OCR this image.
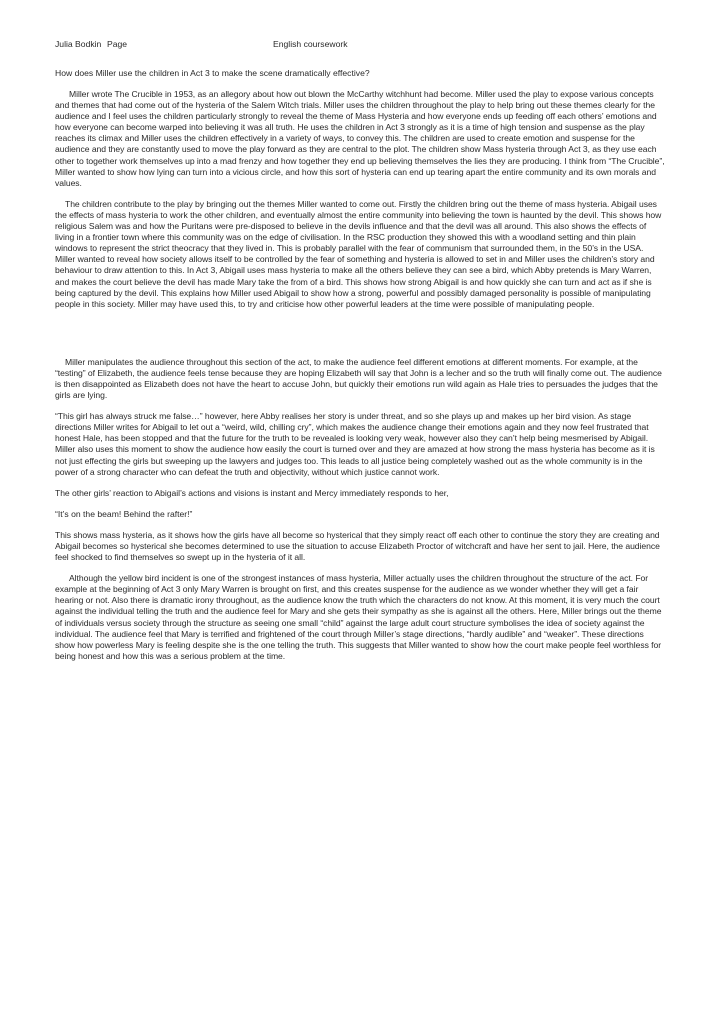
Julia Bodkin Page	English coursework
How does Miller use the children in Act 3 to make the scene dramatically effective?

Miller wrote The Crucible in 1953, as an allegory about how out blown the McCarthy witchhunt had become. Miller used the play to expose various concepts and themes that had come out of the hysteria of the Salem Witch trials. Miller uses the children throughout the play to help bring out these themes clearly for the audience and I feel uses the children particularly strongly to reveal the theme of Mass Hysteria and how everyone ends up feeding off each others’ emotions and how everyone can become warped into believing it was all truth. He uses the children in Act 3 strongly as it is a time of high tension and suspense as the play reaches its climax and Miller uses the children effectively in a variety of ways, to convey this. The children are used to create emotion and suspense for the audience and they are constantly used to move the play forward as they are central to the plot. The children show Mass hysteria through Act 3, as they use each other to together work themselves up into a mad frenzy and how together they end up believing themselves the lies they are producing. I think from “The Crucible”, Miller wanted to show how lying can turn into a vicious circle, and how this sort of hysteria can end up tearing apart the entire community and its own morals and values.

The children contribute to the play by bringing out the themes Miller wanted to come out. Firstly the children bring out the theme of mass hysteria. Abigail uses the effects of mass hysteria to work the other children, and eventually almost the entire community into believing the town is haunted by the devil. This shows how religious Salem was and how the Puritans were pre-disposed to believe in the devils influence and that the devil was all around. This also shows the effects of living in a frontier town where this community was on the edge of civilisation. In the RSC production they showed this with a woodland setting and thin plain windows to represent the strict theocracy that they lived in. This is probably parallel with the fear of communism that surrounded them, in the 50’s in the USA. Miller wanted to reveal how society allows itself to be controlled by the fear of something and hysteria is allowed to set in and Miller uses the children’s story and behaviour to draw attention to this. In Act 3, Abigail uses mass hysteria to make all the others believe they can see a bird, which Abby pretends is Mary Warren, and makes the court believe the devil has made Mary take the from of a bird. This shows how strong Abigail is and how quickly she can turn and act as if she is being captured by the devil. This explains how Miller used Abigail to show how a strong, powerful and possibly damaged personality is possible of manipulating people in this society. Miller may have used this, to try and criticise how other powerful leaders at the time were possible of manipulating people.

Miller manipulates the audience throughout this section of the act, to make the audience feel different emotions at different moments. For example, at the “testing” of Elizabeth, the audience feels tense because they are hoping Elizabeth will say that John is a lecher and so the truth will finally come out. The audience is then disappointed as Elizabeth does not have the heart to accuse John, but quickly their emotions run wild again as Hale tries to persuades the judges that the girls are lying.

“This girl has always struck me false…” however, here Abby realises her story is under threat, and so she plays up and makes up her bird vision. As stage directions Miller writes for Abigail to let out a “weird, wild, chilling cry”, which makes the audience change their emotions again and they now feel frustrated that honest Hale, has been stopped and that the future for the truth to be revealed is looking very weak, however also they can’t help being mesmerised by Abigail. Miller also uses this moment to show the audience how easily the court is turned over and they are amazed at how strong the mass hysteria has become as it is not just effecting the girls but sweeping up the lawyers and judges too. This leads to all justice being completely washed out as the whole community is in the power of a strong character who can defeat the truth and objectivity, without which justice cannot work.

The other girls’ reaction to Abigail’s actions and visions is instant and Mercy immediately responds to her,

“It’s on the beam! Behind the rafter!”

This shows mass hysteria, as it shows how the girls have all become so hysterical that they simply react off each other to continue the story they are creating and Abigail becomes so hysterical she becomes determined to use the situation to accuse Elizabeth Proctor of witchcraft and have her sent to jail. Here, the audience feel shocked to find themselves so swept up in the hysteria of it all.

Although the yellow bird incident is one of the strongest instances of mass hysteria, Miller actually uses the children throughout the structure of the act. For example at the beginning of Act 3 only Mary Warren is brought on first, and this creates suspense for the audience as we wonder whether they will get a fair hearing or not. Also there is dramatic irony throughout, as the audience know the truth which the characters do not know. At this moment, it is very much the court against the individual telling the truth and the audience feel for Mary and she gets their sympathy as she is against all the others. Here, Miller brings out the theme of individuals versus society through the structure as seeing one small “child” against the large adult court structure symbolises the idea of society against the individual. The audience feel that Mary is terrified and frightened of the court through Miller’s stage directions, “hardly audible” and “weaker”. These directions show how powerless Mary is feeling despite she is the one telling the truth. This suggests that Miller wanted to show how the court make people feel worthless for being honest and how this was a serious problem at the time.
